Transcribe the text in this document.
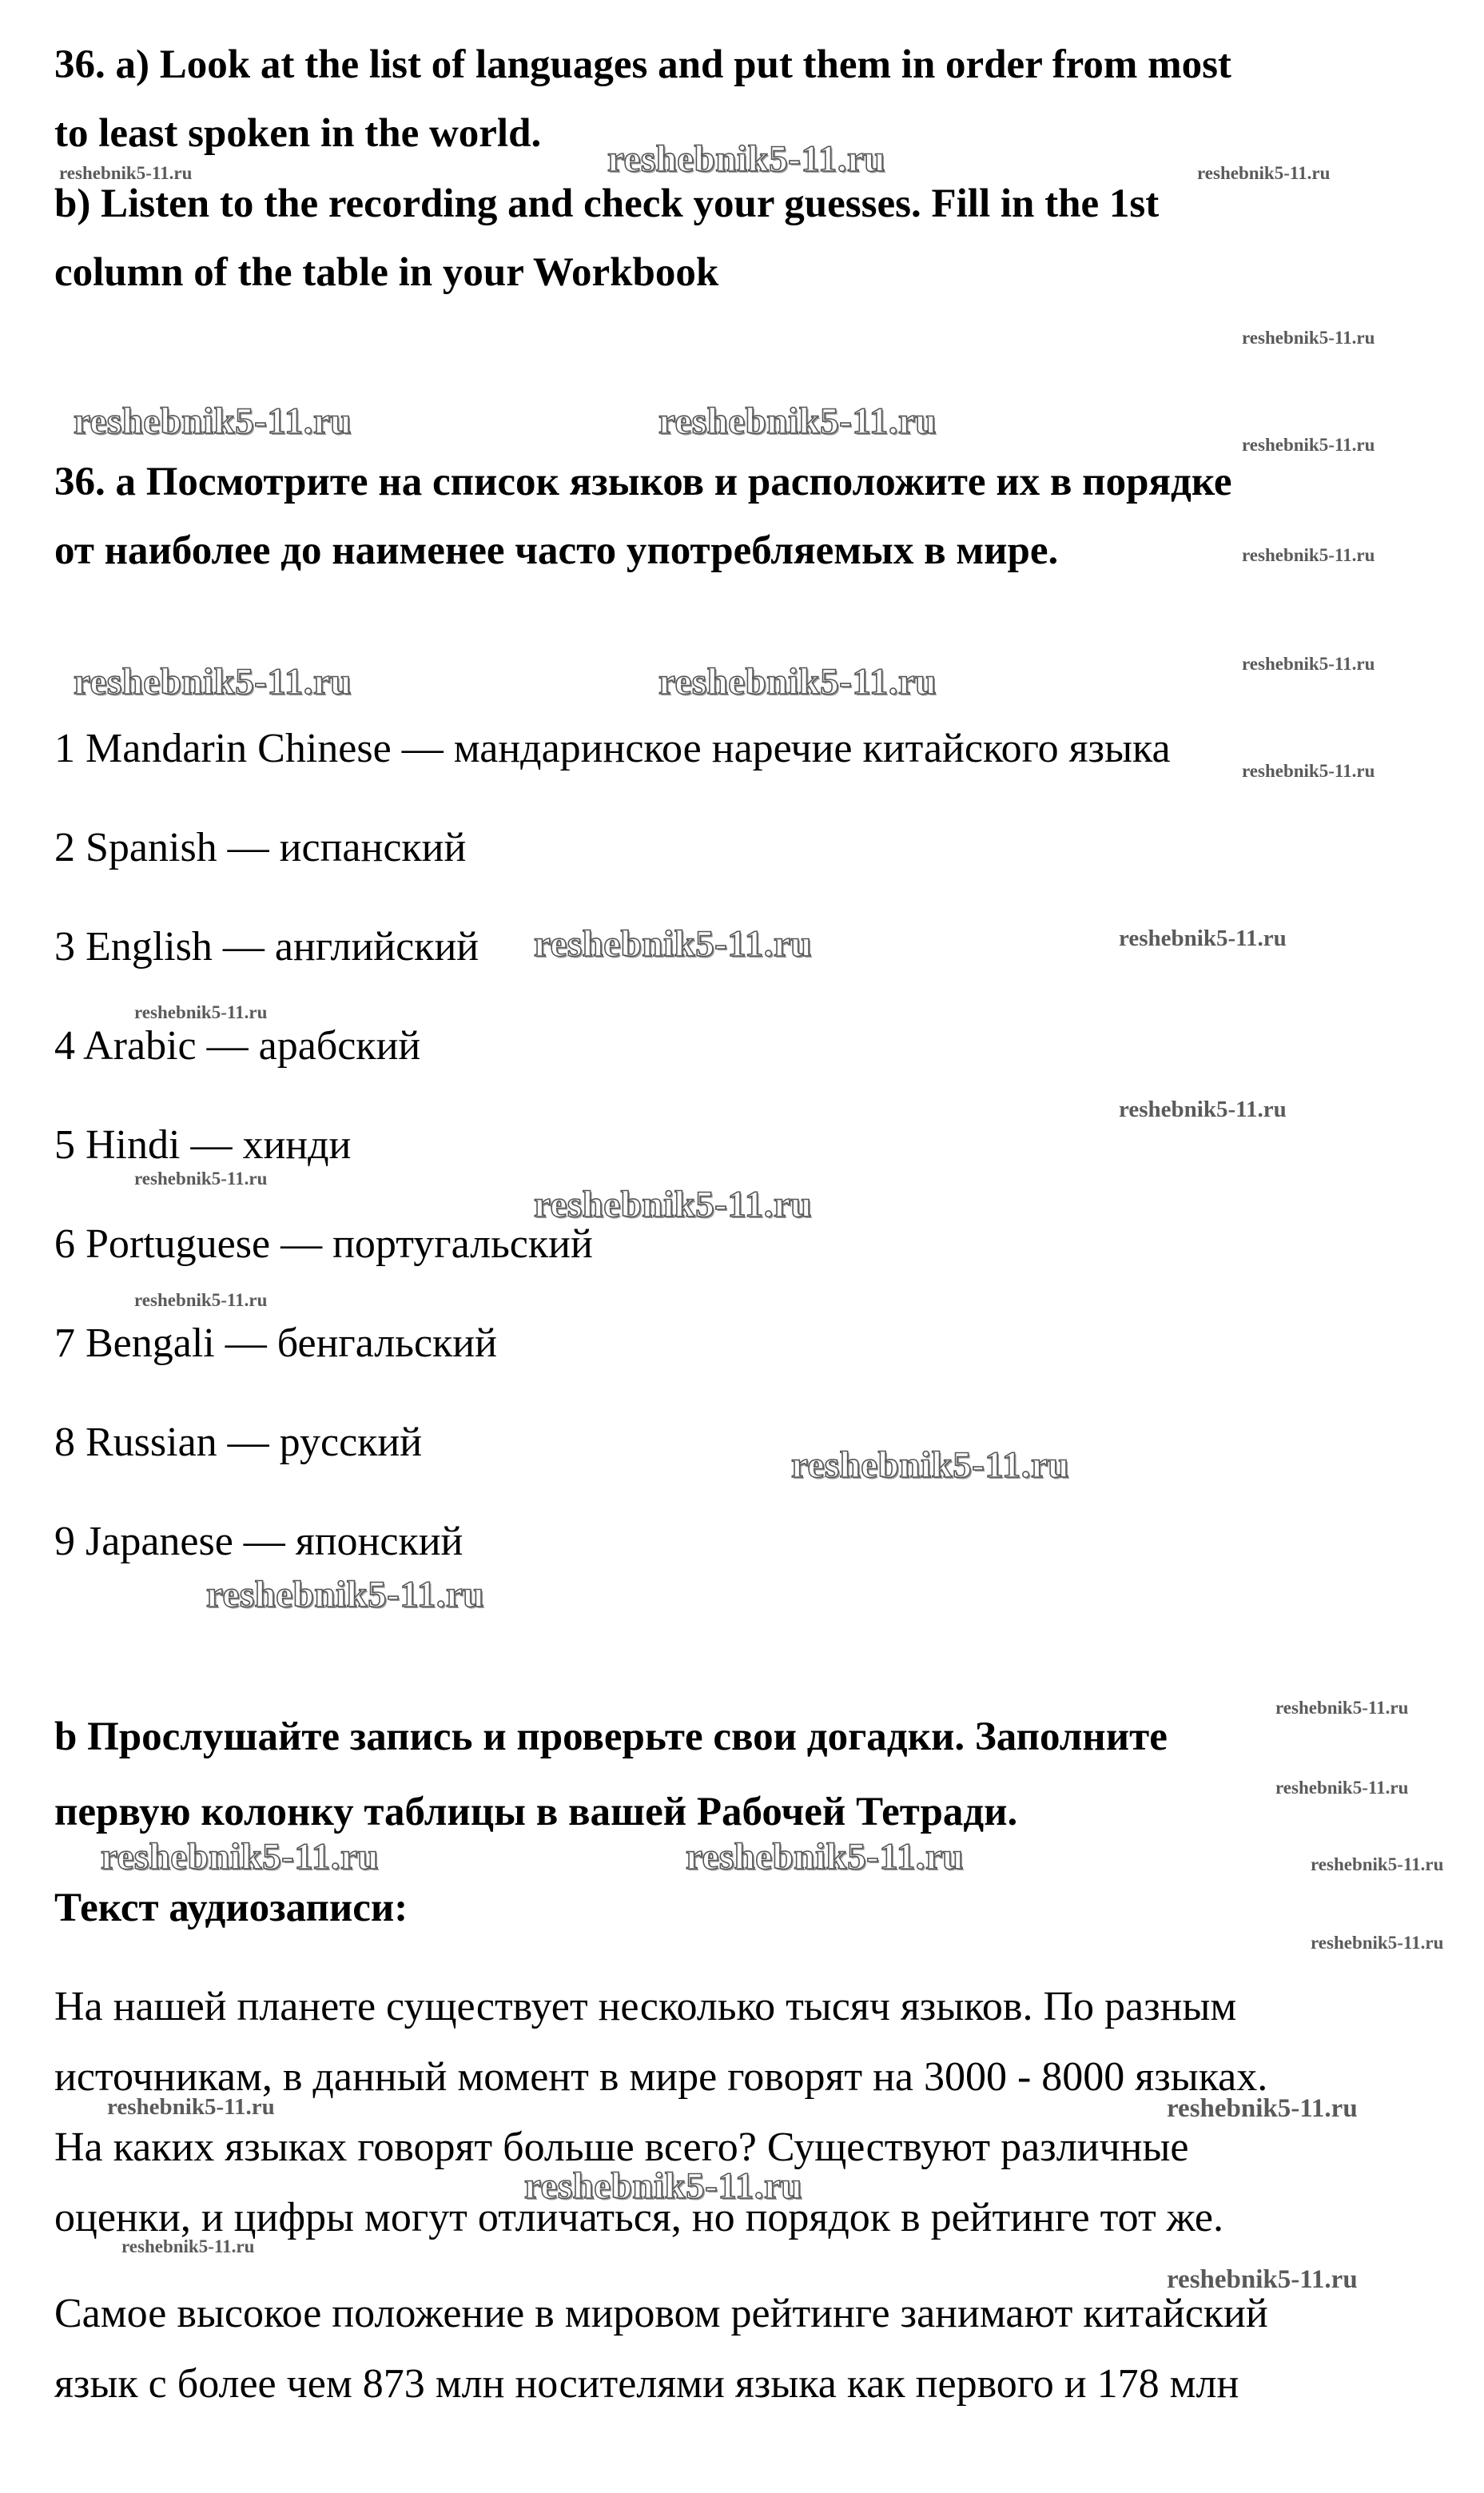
36. a) Look at the list of languages and put them in order from most
to least spoken in the world.
b) Listen to the recording and check your guesses. Fill in the 1st
column of the table in your Workbook
36. a Посмотрите на список языков и расположите их в порядке
от наиболее до наименее часто употребляемых в мире.
1 Mandarin Chinese — мандаринское наречие китайского языка
2 Spanish — испанский
3 English — английский
4 Arabic — арабский
5 Hindi — хинди
6 Portuguese — португальский
7 Bengali — бенгальский
8 Russian — русский
9 Japanese — японский
b Прослушайте запись и проверьте свои догадки. Заполните
первую колонку таблицы в вашей Рабочей Тетради.
Текст аудиозаписи:
На нашей планете существует несколько тысяч языков. По разным
источникам, в данный момент в мире говорят на 3000 - 8000 языках.
На каких языках говорят больше всего? Существуют различные
оценки, и цифры могут отличаться, но порядок в рейтинге тот же.
Самое высокое положение в мировом рейтинге занимают китайский
язык с более чем 873 млн носителями языка как первого и 178 млн
reshebnik5-11.ru
reshebnik5-11.ru	reshebnik5-11.ru
reshebnik5-11.ru	reshebnik5-11.ru
reshebnik5-11.ru
reshebnik5-11.ru
reshebnik5-11.ru
reshebnik5-11.ru
reshebnik5-11.ru	reshebnik5-11.ru
reshebnik5-11.ru
reshebnik5-11.ru	reshebnik5-11.ru
reshebnik5-11.ru
reshebnik5-11.ru
reshebnik5-11.ru
reshebnik5-11.ru
reshebnik5-11.ru
reshebnik5-11.ru
reshebnik5-11.ru
reshebnik5-11.ru
reshebnik5-11.ru
reshebnik5-11.ru
reshebnik5-11.ru
reshebnik5-11.ru
reshebnik5-11.ru
reshebnik5-11.ru
reshebnik5-11.ru	reshebnik5-11.ru
reshebnik5-11.ru
reshebnik5-11.ru
